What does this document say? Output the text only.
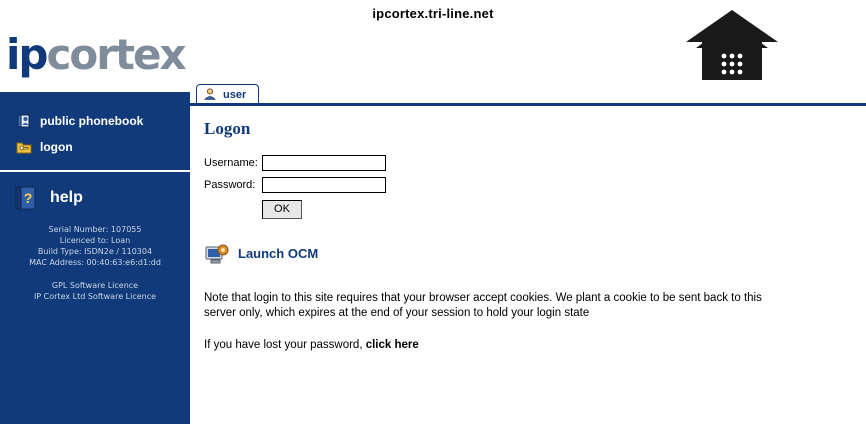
ipcortex.tri-line.net
ipcortex
public phonebook
logon
? help
Serial Number: 107055
Licenced to: Loan
Build Type: ISDN2e / 110304
MAC Address: 00:40:63:e6:d1:dd
GPL Software Licence
IP Cortex Ltd Software Licence
user
Logon
Username:
Password:
OK
Launch OCM
Note that login to this site requires that your browser accept cookies. We plant a cookie to be sent back to this server only, which expires at the end of your session to hold your login state
If you have lost your password, click here
